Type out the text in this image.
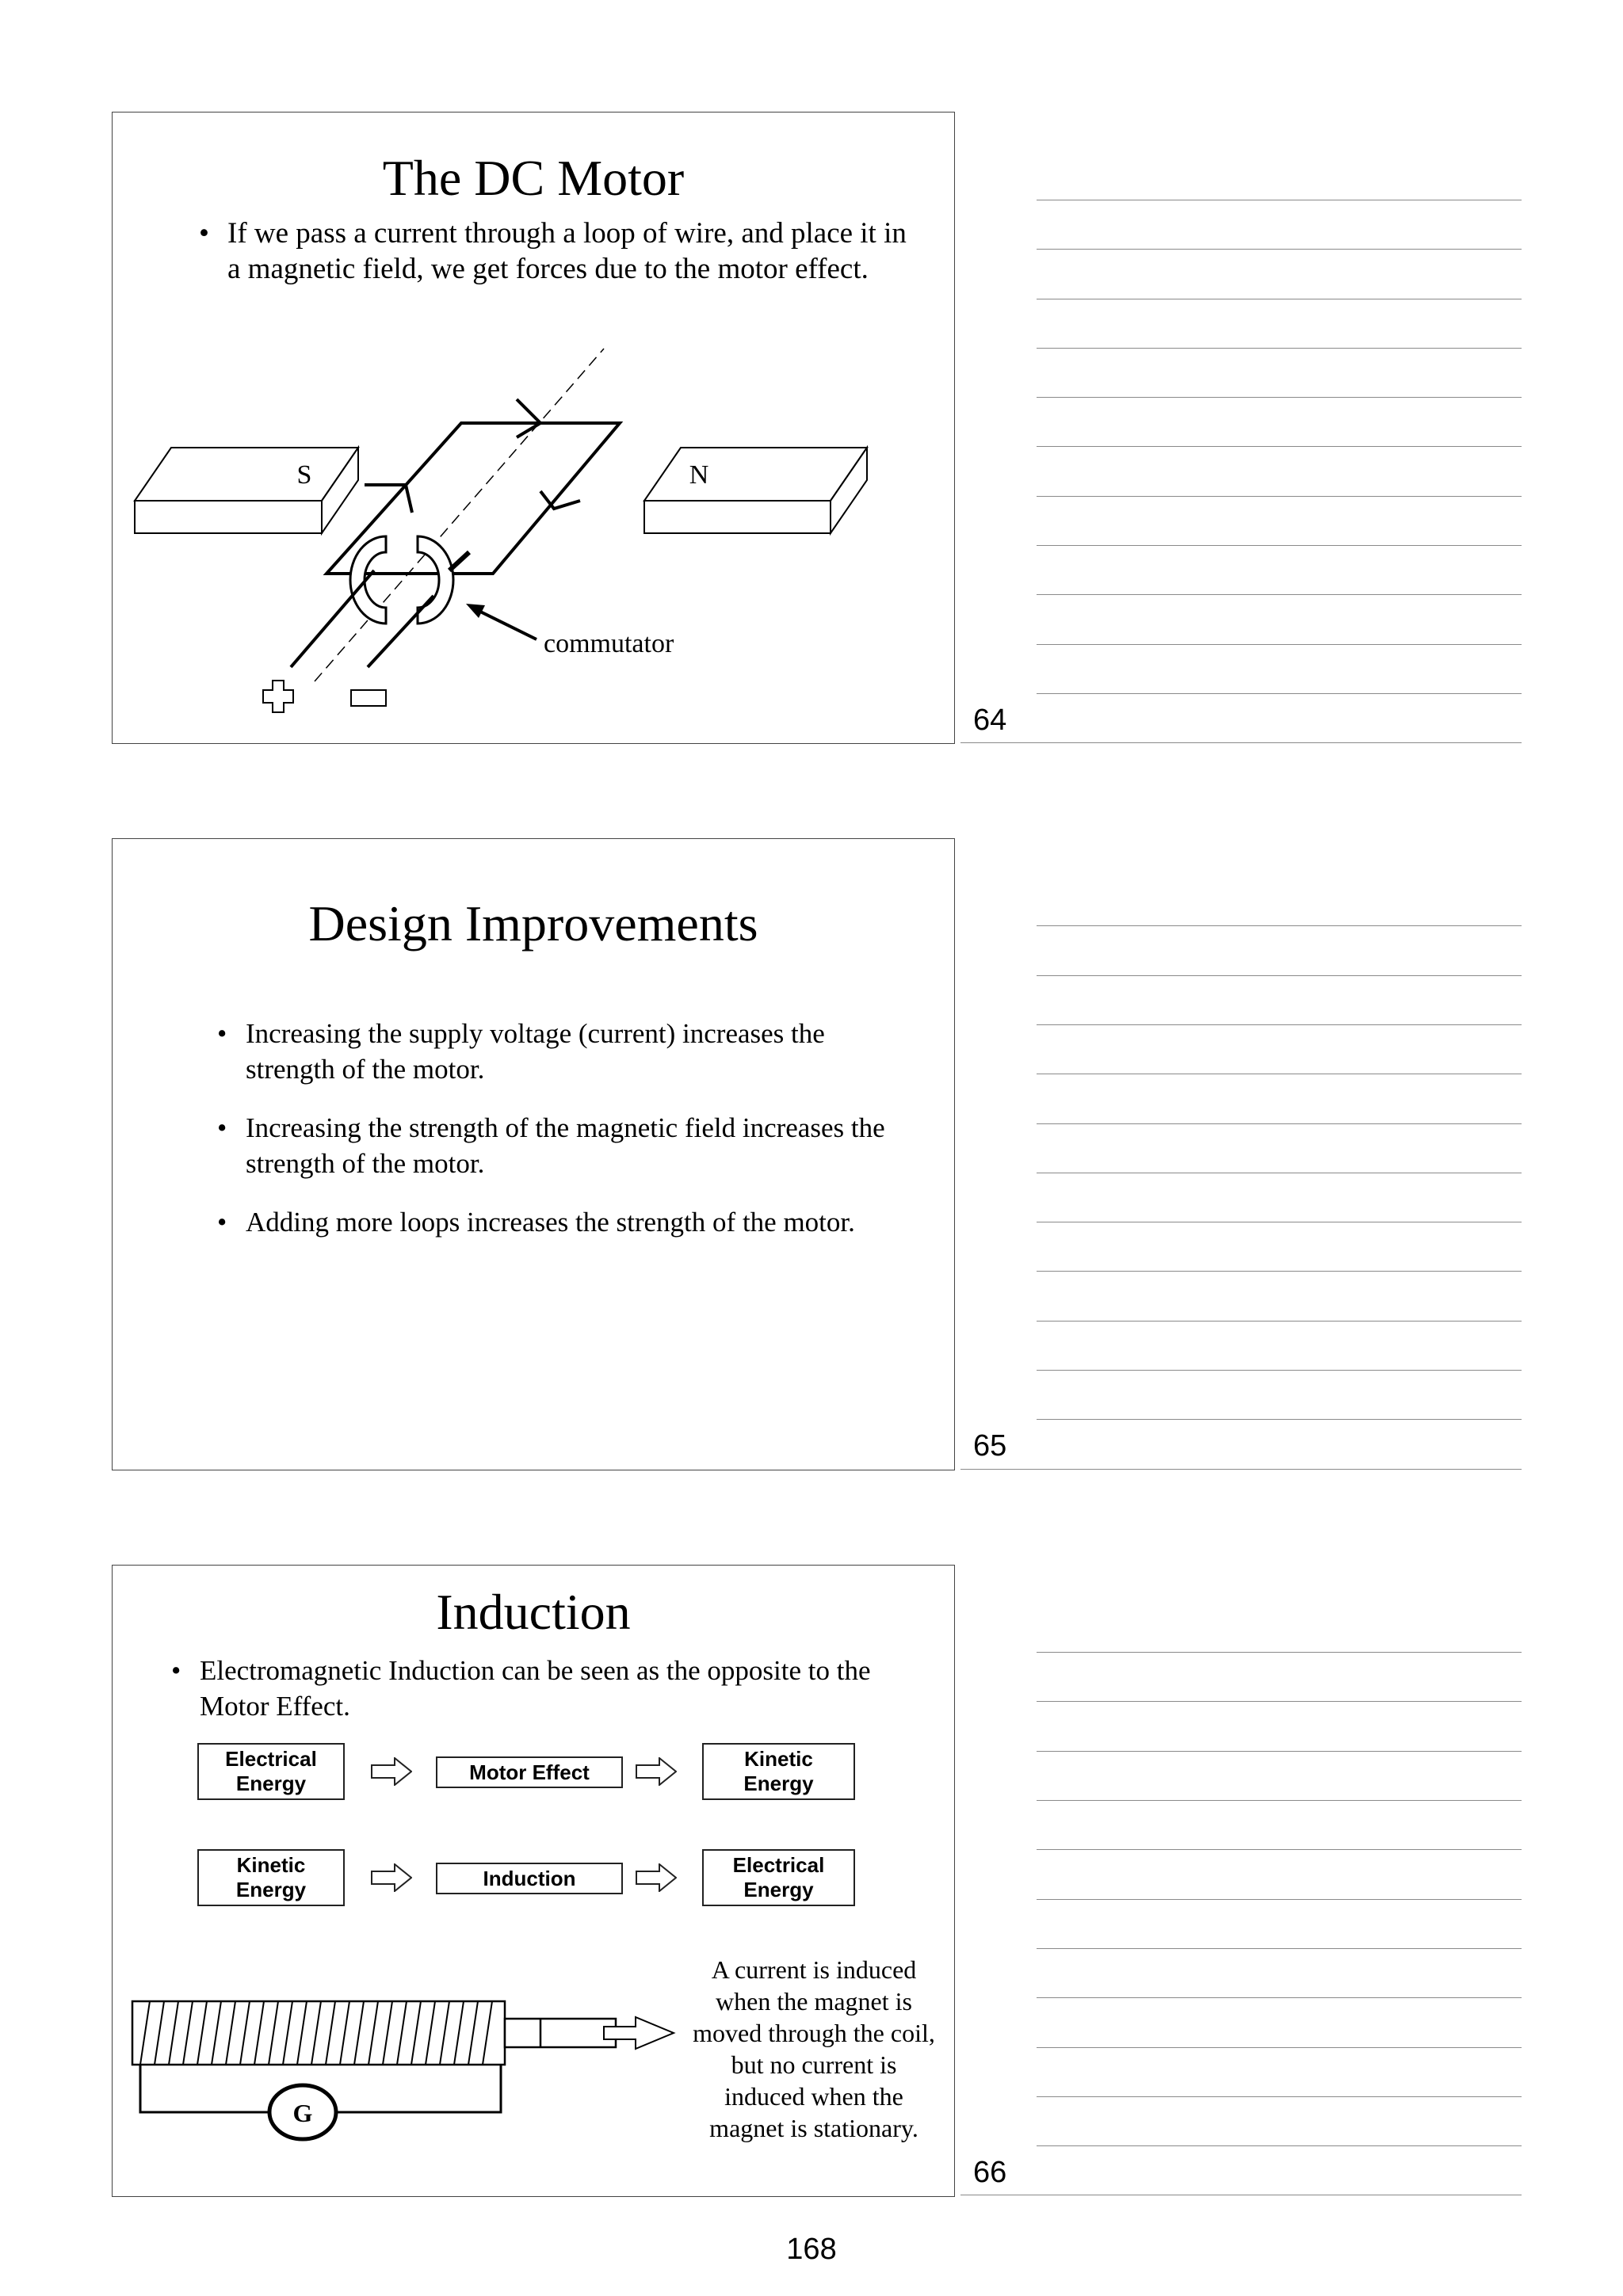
The DC Motor
• If we pass a current through a loop of wire, and place it in a magnetic field, we get forces due to the motor effect.
S	N
commutator
64
Design Improvements
• Increasing the supply voltage (current) increases the strength of the motor.
• Increasing the strength of the magnetic field increases the strength of the motor.
• Adding more loops increases the strength of the motor.
65
Induction
• Electromagnetic Induction can be seen as the opposite to the Motor Effect.
Electrical
Energy	Motor Effect
Kinetic
Energy
Kinetic
Energy	Induction
Electrical
Energy
G
A current is induced when the magnet is moved through the coil, but no current is induced when the magnet is stationary.
66
168
